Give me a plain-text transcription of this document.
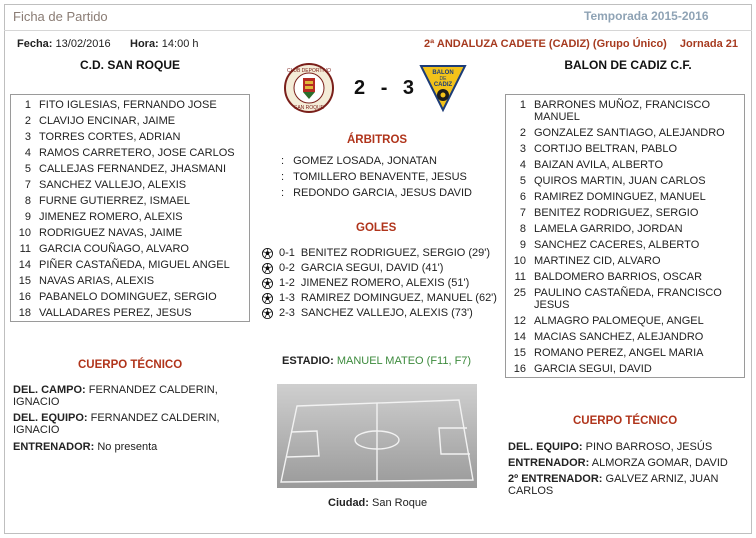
Ficha de Partido	Temporada 2015-2016
Fecha: 13/02/2016 Hora: 14:00 h	2ª ANDALUZA CADETE (CADIZ) (Grupo Único) Jornada 21
C.D. SAN ROQUE	BALON DE CADIZ C.F.
CLUB DEPORTIVO
SAN ROQUE
2 - 3
BALON
DE
CADIZ
1 FITO IGLESIAS, FERNANDO JOSE
2 CLAVIJO ENCINAR, JAIME
3 TORRES CORTES, ADRIAN
4 RAMOS CARRETERO, JOSE CARLOS
5 CALLEJAS FERNANDEZ, JHASMANI
7 SANCHEZ VALLEJO, ALEXIS
8 FURNE GUTIERREZ, ISMAEL
9 JIMENEZ ROMERO, ALEXIS
10 RODRIGUEZ NAVAS, JAIME
11 GARCIA COUÑAGO, ALVARO
14 PIÑER CASTAÑEDA, MIGUEL ANGEL
15 NAVAS ARIAS, ALEXIS
16 PABANELO DOMINGUEZ, SERGIO
18 VALLADARES PEREZ, JESUS
1 BARRONES MUÑOZ, FRANCISCO MANUEL
2 GONZALEZ SANTIAGO, ALEJANDRO
3 CORTIJO BELTRAN, PABLO
4 BAIZAN AVILA, ALBERTO
5 QUIROS MARTIN, JUAN CARLOS
6 RAMIREZ DOMINGUEZ, MANUEL
7 BENITEZ RODRIGUEZ, SERGIO
8 LAMELA GARRIDO, JORDAN
9 SANCHEZ CACERES, ALBERTO
10 MARTINEZ CID, ALVARO
11 BALDOMERO BARRIOS, OSCAR
25 PAULINO CASTAÑEDA, FRANCISCO JESUS
12 ALMAGRO PALOMEQUE, ANGEL
14 MACIAS SANCHEZ, ALEJANDRO
15 ROMANO PEREZ, ANGEL MARIA
16 GARCIA SEGUI, DAVID
ÁRBITROS
: GOMEZ LOSADA, JONATAN
: TOMILLERO BENAVENTE, JESUS
: REDONDO GARCIA, JESUS DAVID
GOLES
0-1 BENITEZ RODRIGUEZ, SERGIO (29')
0-2 GARCIA SEGUI, DAVID (41')
1-2 JIMENEZ ROMERO, ALEXIS (51')
1-3 RAMIREZ DOMINGUEZ, MANUEL (62')
2-3 SANCHEZ VALLEJO, ALEXIS (73')
CUERPO TÉCNICO
DEL. CAMPO: FERNANDEZ CALDERIN, IGNACIO
DEL. EQUIPO: FERNANDEZ CALDERIN, IGNACIO
ENTRENADOR: No presenta
CUERPO TÉCNICO
DEL. EQUIPO: PINO BARROSO, JESÚS
ENTRENADOR: ALMORZA GOMAR, DAVID
2º ENTRENADOR: GALVEZ ARNIZ, JUAN CARLOS
ESTADIO: MANUEL MATEO (F11, F7)
Ciudad: San Roque
